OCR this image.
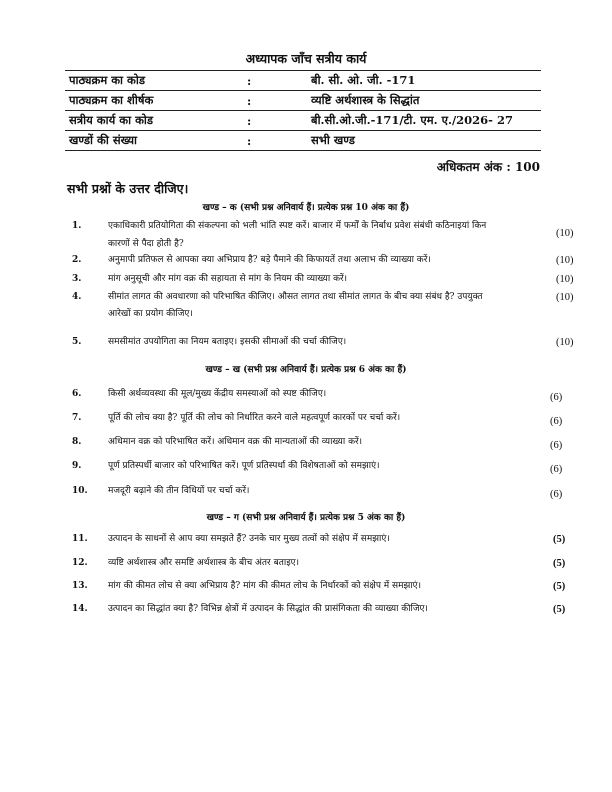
अध्यापक जाँच सत्रीय कार्य
पाठ्यक्रम का कोड	:	बी. सी. ओ. जी. -171
पाठ्यक्रम का शीर्षक	:	व्यष्टि अर्थशास्त्र के सिद्धांत
सत्रीय कार्य का कोड	:	बी.सी.ओ.जी.-171/टी. एम. ए./2026- 27
खण्डों की संख्या	:	सभी खण्ड
अधिकतम अंक : 100
सभी प्रश्नों के उत्तर दीजिए।
खण्ड – क (सभी प्रश्न अनिवार्य हैं। प्रत्येक प्रश्न 10 अंक का हैं)
1.	एकाधिकारी प्रतियोगिता की संकल्पना को भली भांति स्पष्ट करें। बाजार में फर्मों के निर्बाध प्रवेश संबंधी कठिनाइयां किन
कारणों से पैदा होती है?
(10)
2.	अनुमापी प्रतिफल से आपका क्या अभिप्राय है? बड़े पैमाने की किफायतें तथा अलाभ की व्याख्या करें।	(10)
3.	मांग अनुसूची और मांग वक्र की सहायता से मांग के नियम की व्याख्या करें।	(10)
4.	सीमांत लागत की अवधारणा को परिभाषित कीजिए। औसत लागत तथा सीमांत लागत के बीच क्या संबंध है? उपयुक्त
आरेखों का प्रयोग कीजिए।
(10)
5.	समसीमांत उपयोगिता का नियम बताइए। इसकी सीमाओं की चर्चा कीजिए।	(10)
खण्ड – ख (सभी प्रश्न अनिवार्य हैं। प्रत्येक प्रश्न 6 अंक का हैं)
6.	किसी अर्थव्यवस्था की मूल/मुख्य केंद्रीय समस्याओं को स्पष्ट कीजिए।	(6)
7.	पूर्ति की लोच क्या है? पूर्ति की लोच को निर्धारित करने वाले महत्वपूर्ण कारकों पर चर्चा करें।	(6)
8.	अधिमान वक्र को परिभाषित करें। अधिमान वक्र की मान्यताओं की व्याख्या करें।	(6)
9.	पूर्ण प्रतिस्पर्धी बाजार को परिभाषित करें। पूर्ण प्रतिस्पर्धा की विशेषताओं को समझाएं।	(6)
10. मजदूरी बढ़ाने की तीन विधियों पर चर्चा करें।	(6)
खण्ड – ग (सभी प्रश्न अनिवार्य हैं। प्रत्येक प्रश्न 5 अंक का हैं)
11. उत्पादन के साधनों से आप क्या समझते हैं? उनके चार मुख्य तत्वों को संक्षेप में समझाएं।	(5)
12. व्यष्टि अर्थशास्त्र और समष्टि अर्थशास्त्र के बीच अंतर बताइए।	(5)
13. मांग की कीमत लोच से क्या अभिप्राय है? मांग की कीमत लोच के निर्धारकों को संक्षेप में समझाएं।	(5)
14. उत्पादन का सिद्धांत क्या है? विभिन्न क्षेत्रों में उत्पादन के सिद्धांत की प्रासंगिकता की व्याख्या कीजिए।	(5)
